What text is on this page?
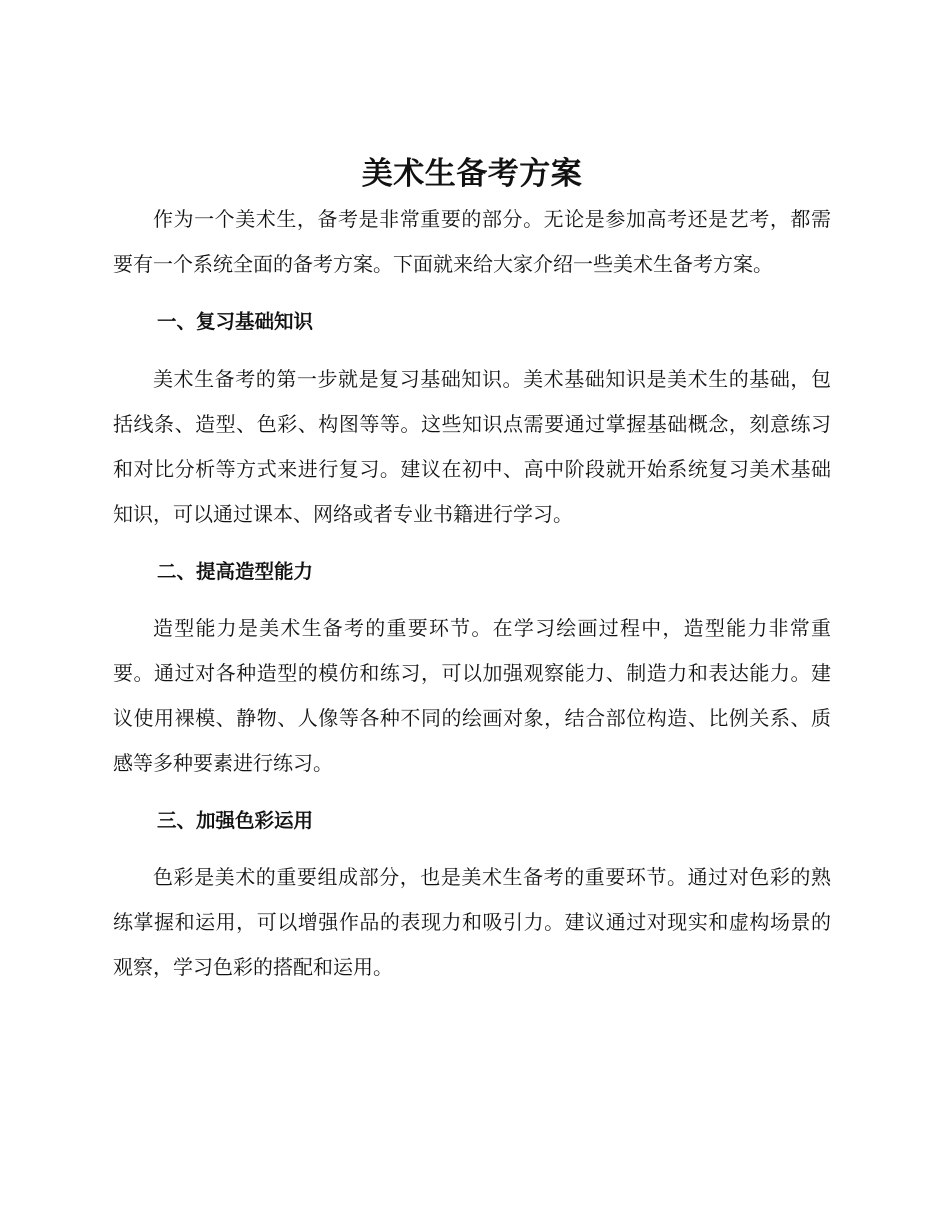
美术生备考方案

作为一个美术生，备考是非常重要的部分。无论是参加高考还是艺考，都需要有一个系统全面的备考方案。下面就来给大家介绍一些美术生备考方案。

一、复习基础知识

美术生备考的第一步就是复习基础知识。美术基础知识是美术生的基础，包括线条、造型、色彩、构图等等。这些知识点需要通过掌握基础概念，刻意练习和对比分析等方式来进行复习。建议在初中、高中阶段就开始系统复习美术基础知识，可以通过课本、网络或者专业书籍进行学习。

二、提高造型能力

造型能力是美术生备考的重要环节。在学习绘画过程中，造型能力非常重要。通过对各种造型的模仿和练习，可以加强观察能力、制造力和表达能力。建议使用裸模、静物、人像等各种不同的绘画对象，结合部位构造、比例关系、质感等多种要素进行练习。

三、加强色彩运用

色彩是美术的重要组成部分，也是美术生备考的重要环节。通过对色彩的熟练掌握和运用，可以增强作品的表现力和吸引力。建议通过对现实和虚构场景的观察，学习色彩的搭配和运用。
